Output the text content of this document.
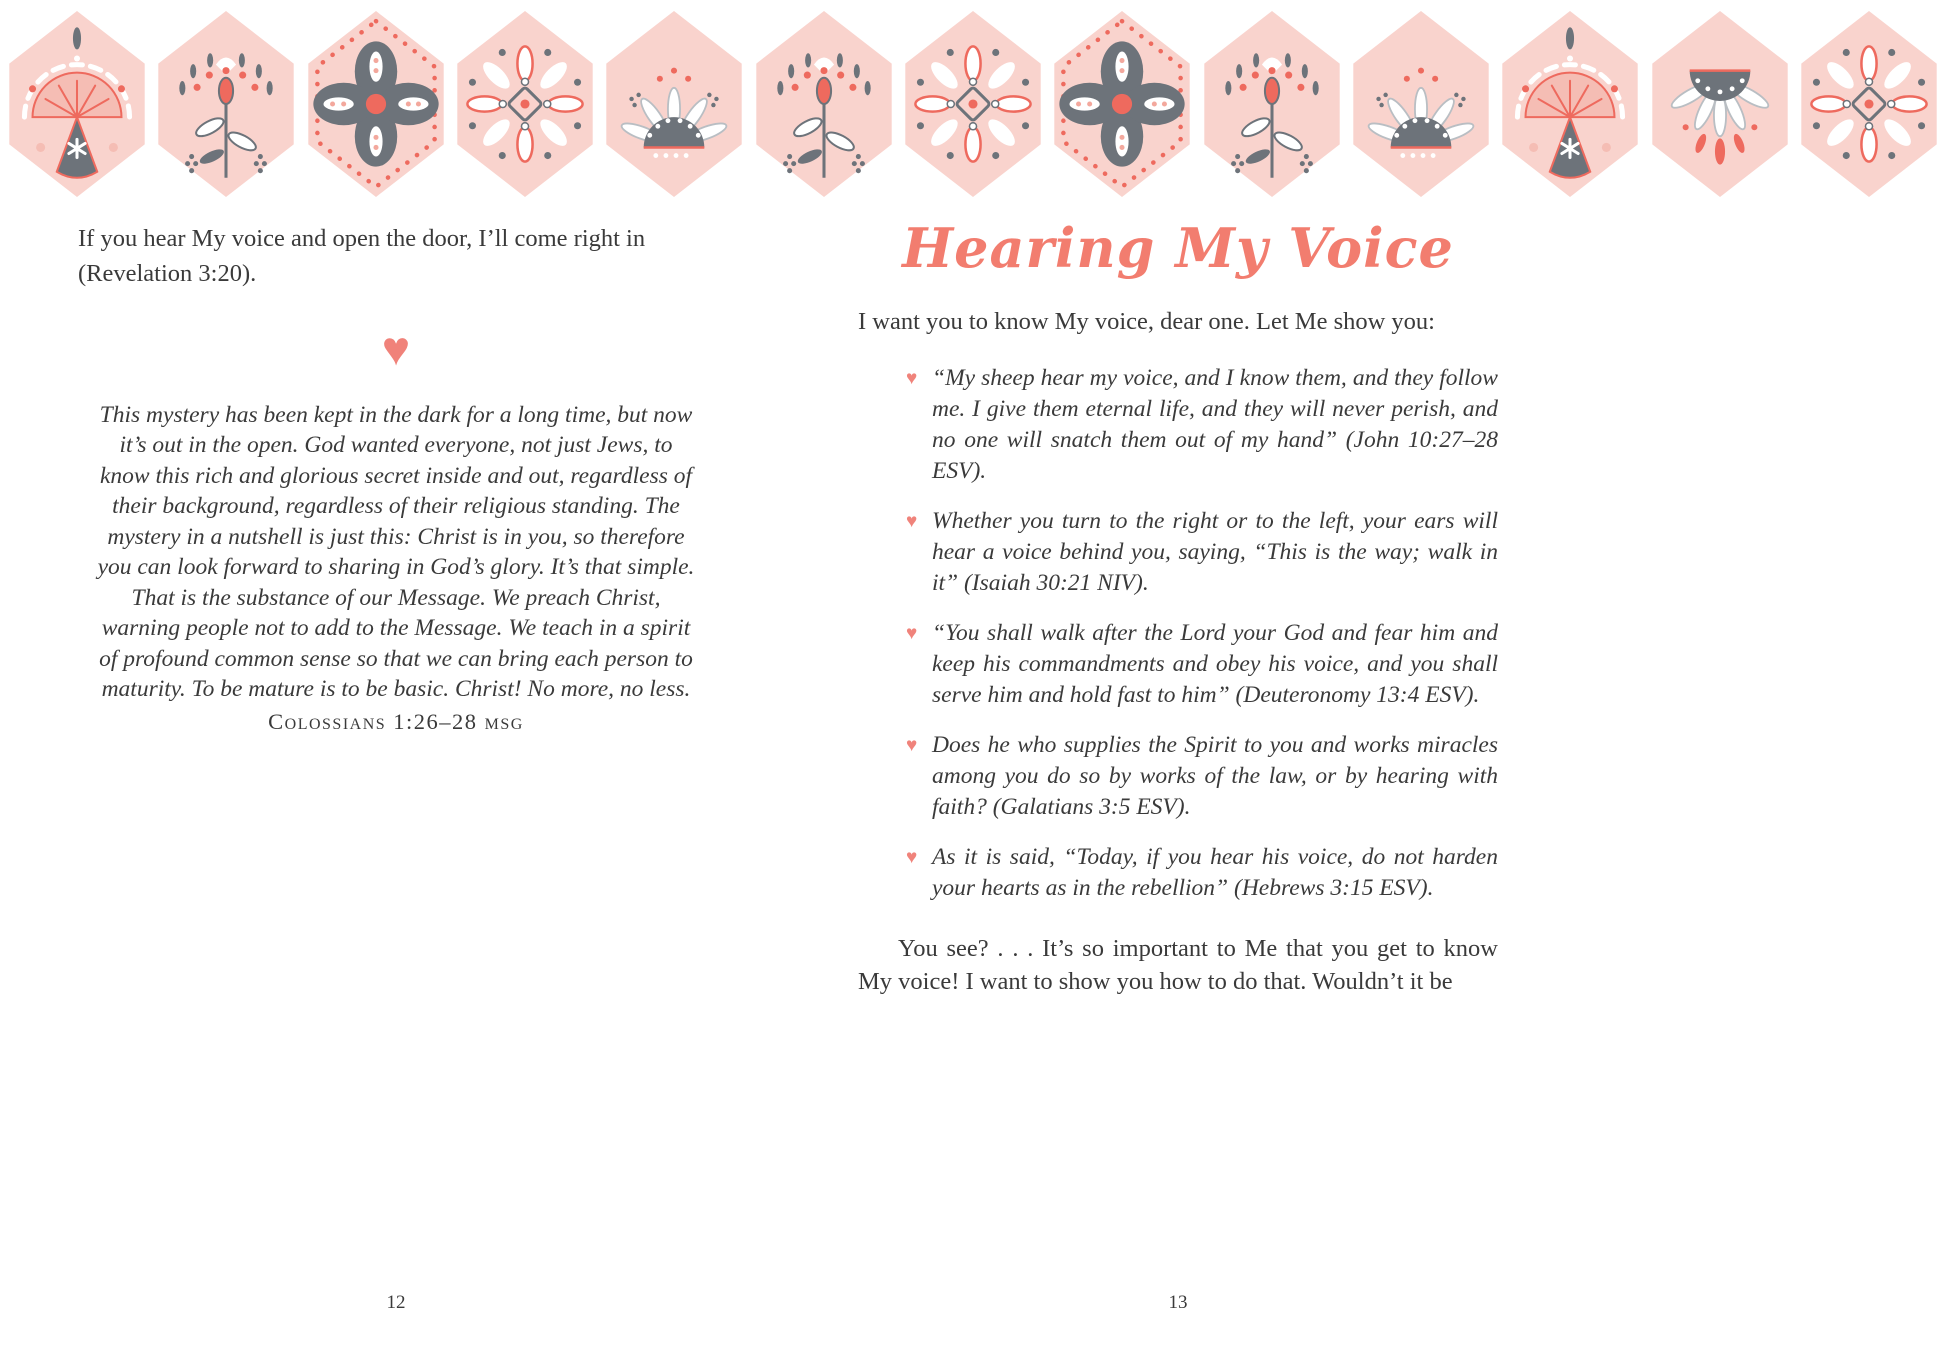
If you hear My voice and open the door, I’ll come right in (Revelation 3:20).

♥

This mystery has been kept in the dark for a long time, but now it’s out in the open. God wanted everyone, not just Jews, to know this rich and glorious secret inside and out, regardless of their background, regardless of their religious standing. The mystery in a nutshell is just this: Christ is in you, so therefore you can look forward to sharing in God’s glory. It’s that simple. That is the substance of our Message. We preach Christ, warning people not to add to the Message. We teach in a spirit of profound common sense so that we can bring each person to maturity. To be mature is to be basic. Christ! No more, no less.

Colossians 1:26–28 msg

Hearing My Voice

I want you to know My voice, dear one. Let Me show you:

♥ “My sheep hear my voice, and I know them, and they follow me. I give them eternal life, and they will never perish, and no one will snatch them out of my hand” (John 10:27–28 ESV).
♥ Whether you turn to the right or to the left, your ears will hear a voice behind you, saying, “This is the way; walk in it” (Isaiah 30:21 NIV).
♥ “You shall walk after the Lord your God and fear him and keep his commandments and obey his voice, and you shall serve him and hold fast to him” (Deuteronomy 13:4 ESV).
♥ Does he who supplies the Spirit to you and works miracles among you do so by works of the law, or by hearing with faith? (Galatians 3:5 ESV).
♥ As it is said, “Today, if you hear his voice, do not harden your hearts as in the rebellion” (Hebrews 3:15 ESV).

You see? . . . It’s so important to Me that you get to know My voice! I want to show you how to do that. Wouldn’t it be

12	13
